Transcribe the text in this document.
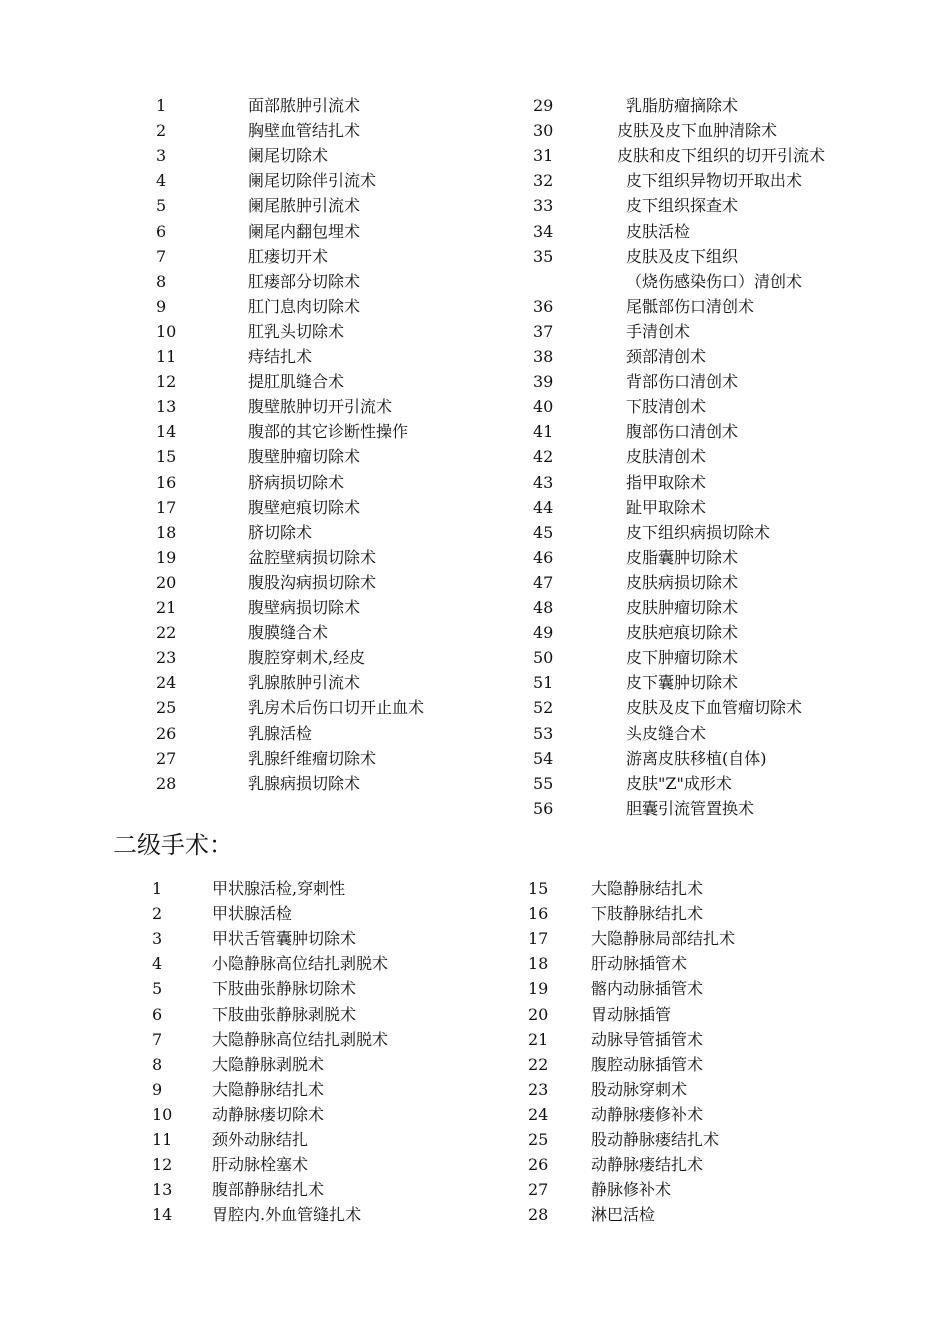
1	面部脓肿引流术
2	胸壁血管结扎术
3	阑尾切除术
4	阑尾切除伴引流术
5	阑尾脓肿引流术
6	阑尾内翻包埋术
7	肛瘘切开术
8	肛瘘部分切除术
9	肛门息肉切除术
10	肛乳头切除术
11	痔结扎术
12	提肛肌缝合术
13	腹壁脓肿切开引流术
14	腹部的其它诊断性操作
15	腹壁肿瘤切除术
16	脐病损切除术
17	腹壁疤痕切除术
18	脐切除术
19	盆腔壁病损切除术
20	腹股沟病损切除术
21	腹壁病损切除术
22	腹膜缝合术
23	腹腔穿刺术,经皮
24	乳腺脓肿引流术
25	乳房术后伤口切开止血术
26	乳腺活检
27	乳腺纤维瘤切除术
28	乳腺病损切除术
29	乳脂肪瘤摘除术
30	皮肤及皮下血肿清除术
31	皮肤和皮下组织的切开引流术
32	皮下组织异物切开取出术
33	皮下组织探查术
34	皮肤活检
35	皮肤及皮下组织
（烧伤感染伤口）清创术
36	尾骶部伤口清创术
37	手清创术
38	颈部清创术
39	背部伤口清创术
40	下肢清创术
41	腹部伤口清创术
42	皮肤清创术
43	指甲取除术
44	趾甲取除术
45	皮下组织病损切除术
46	皮脂囊肿切除术
47	皮肤病损切除术
48	皮肤肿瘤切除术
49	皮肤疤痕切除术
50	皮下肿瘤切除术
51	皮下囊肿切除术
52	皮肤及皮下血管瘤切除术
53	头皮缝合术
54	游离皮肤移植(自体)
55	皮肤"Z"成形术
56	胆囊引流管置换术
二级手术：
1	甲状腺活检,穿刺性
2	甲状腺活检
3	甲状舌管囊肿切除术
4	小隐静脉高位结扎剥脱术
5	下肢曲张静脉切除术
6	下肢曲张静脉剥脱术
7	大隐静脉高位结扎剥脱术
8	大隐静脉剥脱术
9	大隐静脉结扎术
10 动静脉瘘切除术
11 颈外动脉结扎
12 肝动脉栓塞术
13 腹部静脉结扎术
14 胃腔内.外血管缝扎术
15	大隐静脉结扎术
16	下肢静脉结扎术
17	大隐静脉局部结扎术
18	肝动脉插管术
19	髂内动脉插管术
20	胃动脉插管
21	动脉导管插管术
22	腹腔动脉插管术
23	股动脉穿刺术
24	动静脉瘘修补术
25	股动静脉瘘结扎术
26	动静脉瘘结扎术
27	静脉修补术
28	淋巴活检
